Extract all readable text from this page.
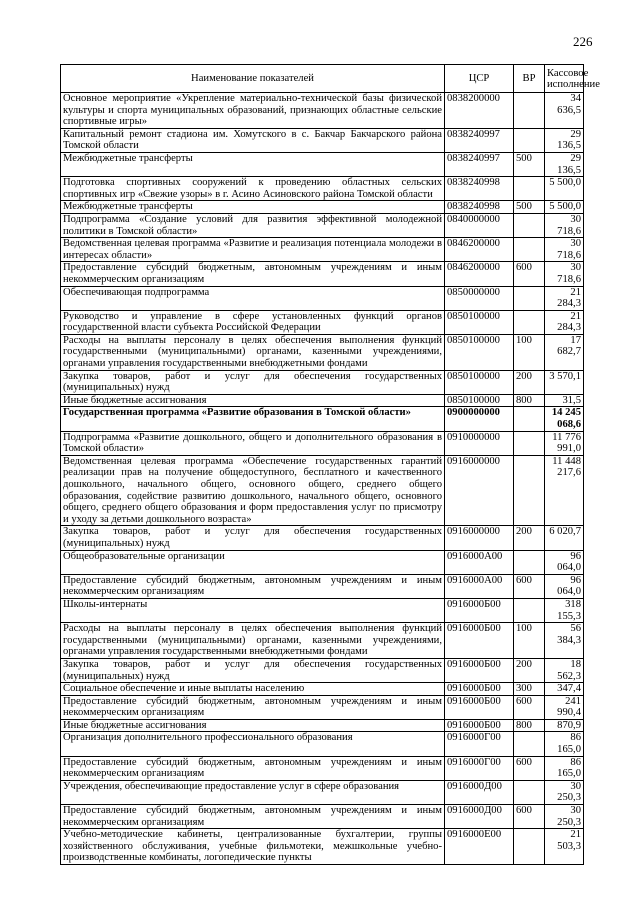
226
Наименование показателей	ЦСР	ВР	Кассовое исполнение
Основное мероприятие «Укрепление материально-технической базы физической культуры и спорта муниципальных образований, признающих областные сельские спортивные игры»	0838200000		34 636,5
Капитальный ремонт стадиона им. Хомутского в с. Бакчар Бакчарского района Томской области	0838240997		29 136,5
Межбюджетные трансферты	0838240997	500	29 136,5
Подготовка спортивных сооружений к проведению областных сельских спортивных игр «Свежие узоры» в г. Асино Асиновского района Томской области	0838240998		5 500,0
Межбюджетные трансферты	0838240998	500	5 500,0
Подпрограмма «Создание условий для развития эффективной молодежной политики в Томской области»	0840000000		30 718,6
Ведомственная целевая программа «Развитие и реализация потенциала молодежи в интересах области»	0846200000		30 718,6
Предоставление субсидий бюджетным, автономным учреждениям и иным некоммерческим организациям	0846200000	600	30 718,6
Обеспечивающая подпрограмма	0850000000		21 284,3
Руководство и управление в сфере установленных функций органов государственной власти субъекта Российской Федерации	0850100000		21 284,3
Расходы на выплаты персоналу в целях обеспечения выполнения функций государственными (муниципальными) органами, казенными учреждениями, органами управления государственными внебюджетными фондами	0850100000	100	17 682,7
Закупка товаров, работ и услуг для обеспечения государственных (муниципальных) нужд	0850100000	200	3 570,1
Иные бюджетные ассигнования	0850100000	800	31,5
Государственная программа «Развитие образования в Томской области»	0900000000		14 245 068,6
Подпрограмма «Развитие дошкольного, общего и дополнительного образования в Томской области»	0910000000		11 776 991,0
Ведомственная целевая программа «Обеспечение государственных гарантий реализации прав на получение общедоступного, бесплатного и качественного дошкольного, начального общего, основного общего, среднего общего образования, содействие развитию дошкольного, начального общего, основного общего, среднего общего образования и форм предоставления услуг по присмотру и уходу за детьми дошкольного возраста»	0916000000		11 448 217,6
Закупка товаров, работ и услуг для обеспечения государственных (муниципальных) нужд	0916000000	200	6 020,7
Общеобразовательные организации	0916000А00		96 064,0
Предоставление субсидий бюджетным, автономным учреждениям и иным некоммерческим организациям	0916000А00	600	96 064,0
Школы-интернаты	0916000Б00		318 155,3
Расходы на выплаты персоналу в целях обеспечения выполнения функций государственными (муниципальными) органами, казенными учреждениями, органами управления государственными внебюджетными фондами	0916000Б00	100	56 384,3
Закупка товаров, работ и услуг для обеспечения государственных (муниципальных) нужд	0916000Б00	200	18 562,3
Социальное обеспечение и иные выплаты населению	0916000Б00	300	347,4
Предоставление субсидий бюджетным, автономным учреждениям и иным некоммерческим организациям	0916000Б00	600	241 990,4
Иные бюджетные ассигнования	0916000Б00	800	870,9
Организация дополнительного профессионального образования	0916000Г00		86 165,0
Предоставление субсидий бюджетным, автономным учреждениям и иным некоммерческим организациям	0916000Г00	600	86 165,0
Учреждения, обеспечивающие предоставление услуг в сфере образования	0916000Д00		30 250,3
Предоставление субсидий бюджетным, автономным учреждениям и иным некоммерческим организациям	0916000Д00	600	30 250,3
Учебно-методические кабинеты, централизованные бухгалтерии, группы хозяйственного обслуживания, учебные фильмотеки, межшкольные учебно-производственные комбинаты, логопедические пункты	0916000Е00		21 503,3
